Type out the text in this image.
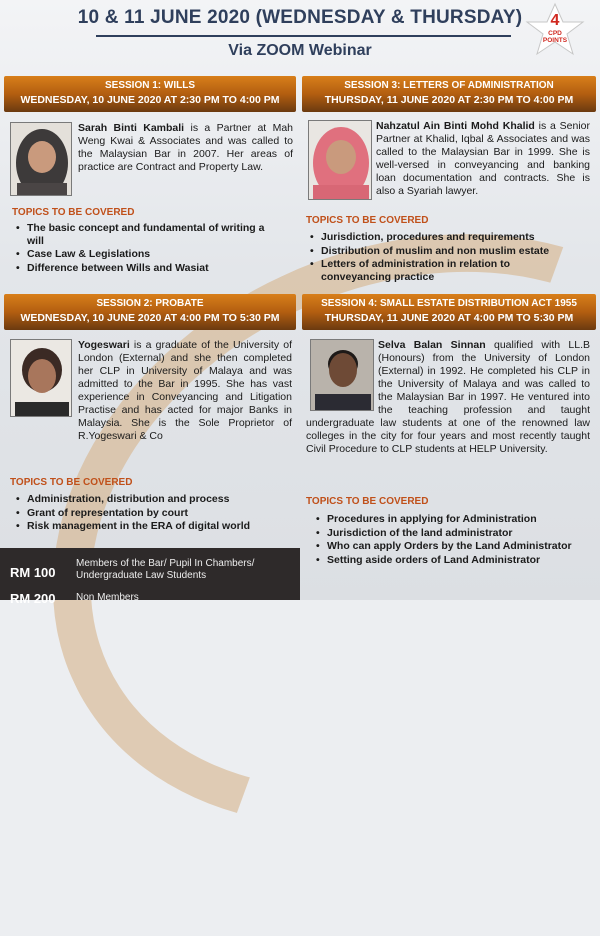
10 & 11 JUNE 2020 (WEDNESDAY & THURSDAY)
Via ZOOM Webinar
4
CPD
POINTS
SESSION 1: WILLS
WEDNESDAY, 10 JUNE 2020 AT 2:30 PM TO 4:00 PM
Sarah Binti Kambali is a Partner at Mah Weng Kwai & Associates and was called to the Malaysian Bar in 2007. Her areas of practice are Contract and Property Law.
TOPICS TO BE COVERED
• The basic concept and fundamental of writing a will
• Case Law & Legislations
• Difference between Wills and Wasiat
SESSION 3: LETTERS OF ADMINISTRATION
THURSDAY, 11 JUNE 2020 AT 2:30 PM TO 4:00 PM
Nahzatul Ain Binti Mohd Khalid is a Senior Partner at Khalid, Iqbal & Associates and was called to the Malaysian Bar in 1999. She is well-versed in conveyancing and banking loan documentation and contracts. She is also a Syariah lawyer.
TOPICS TO BE COVERED
• Jurisdiction, procedures and requirements
• Distribution of muslim and non muslim estate
• Letters of administration in relation to conveyancing practice
SESSION 2: PROBATE
WEDNESDAY, 10 JUNE 2020 AT 4:00 PM TO 5:30 PM
Yogeswari is a graduate of the University of London (External) and she then completed her CLP in University of Malaya and was admitted to the Bar in 1995. She has vast experience in Conveyancing and Litigation Practise and has acted for major Banks in Malaysia. She is the Sole Proprietor of R.Yogeswari & Co
TOPICS TO BE COVERED
• Administration, distribution and process
• Grant of representation by court
• Risk management in the ERA of digital world
SESSION 4: SMALL ESTATE DISTRIBUTION ACT 1955
THURSDAY, 11 JUNE 2020 AT 4:00 PM TO 5:30 PM
Selva Balan Sinnan qualified with LL.B (Honours) from the University of London (External) in 1992. He completed his CLP in the University of Malaya and was called to the Malaysian Bar in 1997. He ventured into the teaching profession and taught undergraduate law students at one of the renowned law colleges in the city for four years and most recently taught Civil Procedure to CLP students at HELP University.
TOPICS TO BE COVERED
• Procedures in applying for Administration
• Jurisdiction of the land administrator
• Who can apply Orders by the Land Administrator
• Setting aside orders of Land Administrator
RM 100
Members of the Bar/ Pupil In Chambers/ Undergraduate Law Students
RM 200 Non Members
